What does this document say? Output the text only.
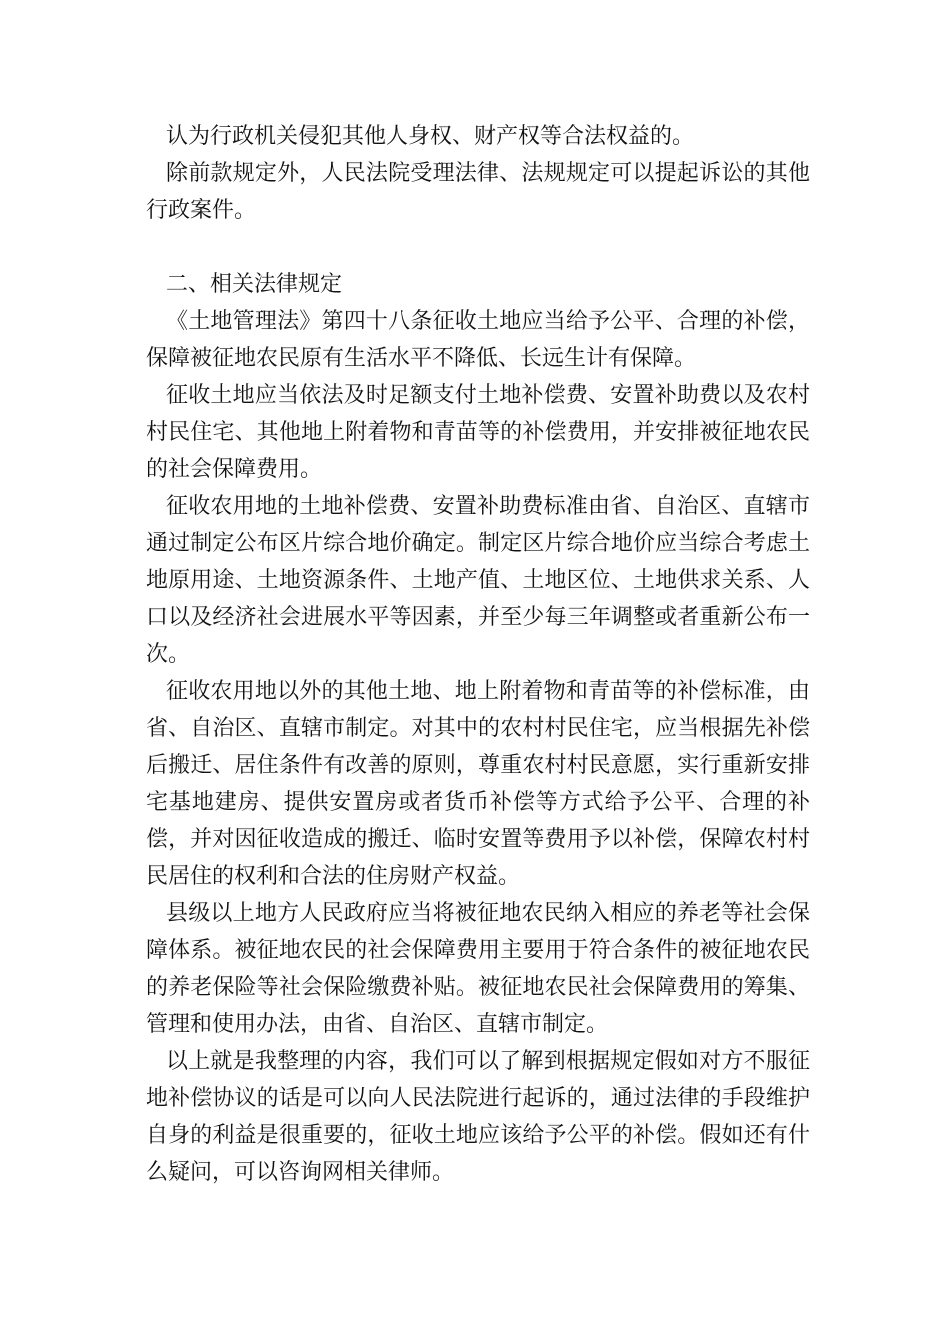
认为行政机关侵犯其他人身权、财产权等合法权益的。

除前款规定外，人民法院受理法律、法规规定可以提起诉讼的其他行政案件。

二、相关法律规定

《土地管理法》第四十八条征收土地应当给予公平、合理的补偿，保障被征地农民原有生活水平不降低、长远生计有保障。

征收土地应当依法及时足额支付土地补偿费、安置补助费以及农村村民住宅、其他地上附着物和青苗等的补偿费用，并安排被征地农民的社会保障费用。

征收农用地的土地补偿费、安置补助费标准由省、自治区、直辖市通过制定公布区片综合地价确定。制定区片综合地价应当综合考虑土地原用途、土地资源条件、土地产值、土地区位、土地供求关系、人口以及经济社会进展水平等因素，并至少每三年调整或者重新公布一次。

征收农用地以外的其他土地、地上附着物和青苗等的补偿标准，由省、自治区、直辖市制定。对其中的农村村民住宅，应当根据先补偿后搬迁、居住条件有改善的原则，尊重农村村民意愿，实行重新安排宅基地建房、提供安置房或者货币补偿等方式给予公平、合理的补偿，并对因征收造成的搬迁、临时安置等费用予以补偿，保障农村村民居住的权利和合法的住房财产权益。

县级以上地方人民政府应当将被征地农民纳入相应的养老等社会保障体系。被征地农民的社会保障费用主要用于符合条件的被征地农民的养老保险等社会保险缴费补贴。被征地农民社会保障费用的筹集、管理和使用办法，由省、自治区、直辖市制定。

以上就是我整理的内容，我们可以了解到根据规定假如对方不服征地补偿协议的话是可以向人民法院进行起诉的，通过法律的手段维护自身的利益是很重要的，征收土地应该给予公平的补偿。假如还有什么疑问，可以咨询网相关律师。
